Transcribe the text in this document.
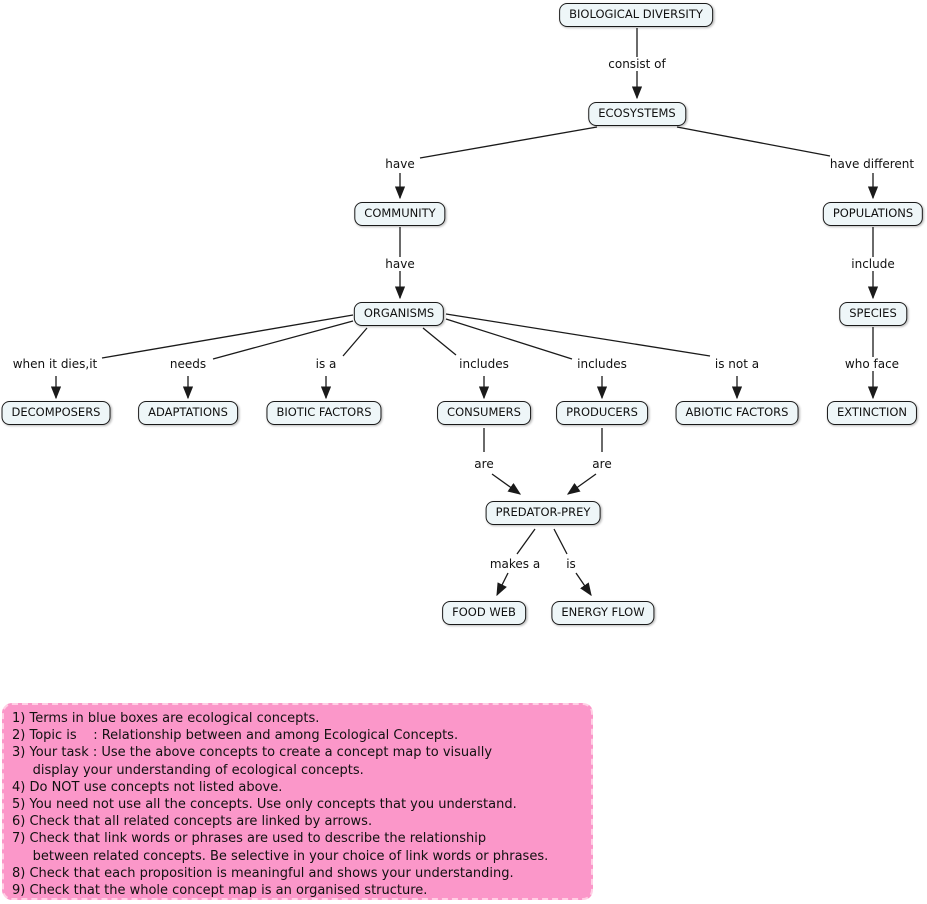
BIOLOGICAL DIVERSITY
ECOSYSTEMS
COMMUNITY	POPULATIONS
ORGANISMS	SPECIES
DECOMPOSERS	ADAPTATIONS	BIOTIC FACTORS	CONSUMERS	PRODUCERS	ABIOTIC FACTORS	EXTINCTION
PREDATOR-PREY
FOOD WEB	ENERGY FLOW
consist of
have	have different
have	include
when it dies,it	needs	is a	includes	includes	is not a	who face
are	are
makes a is
1) Terms in blue boxes are ecological concepts.
2) Topic is    : Relationship between and among Ecological Concepts.
3) Your task : Use the above concepts to create a concept map to visually
display your understanding of ecological concepts.
4) Do NOT use concepts not listed above.
5) You need not use all the concepts. Use only concepts that you understand.
6) Check that all related concepts are linked by arrows.
7) Check that link words or phrases are used to describe the relationship
between related concepts. Be selective in your choice of link words or phrases.
8) Check that each proposition is meaningful and shows your understanding.
9) Check that the whole concept map is an organised structure.
